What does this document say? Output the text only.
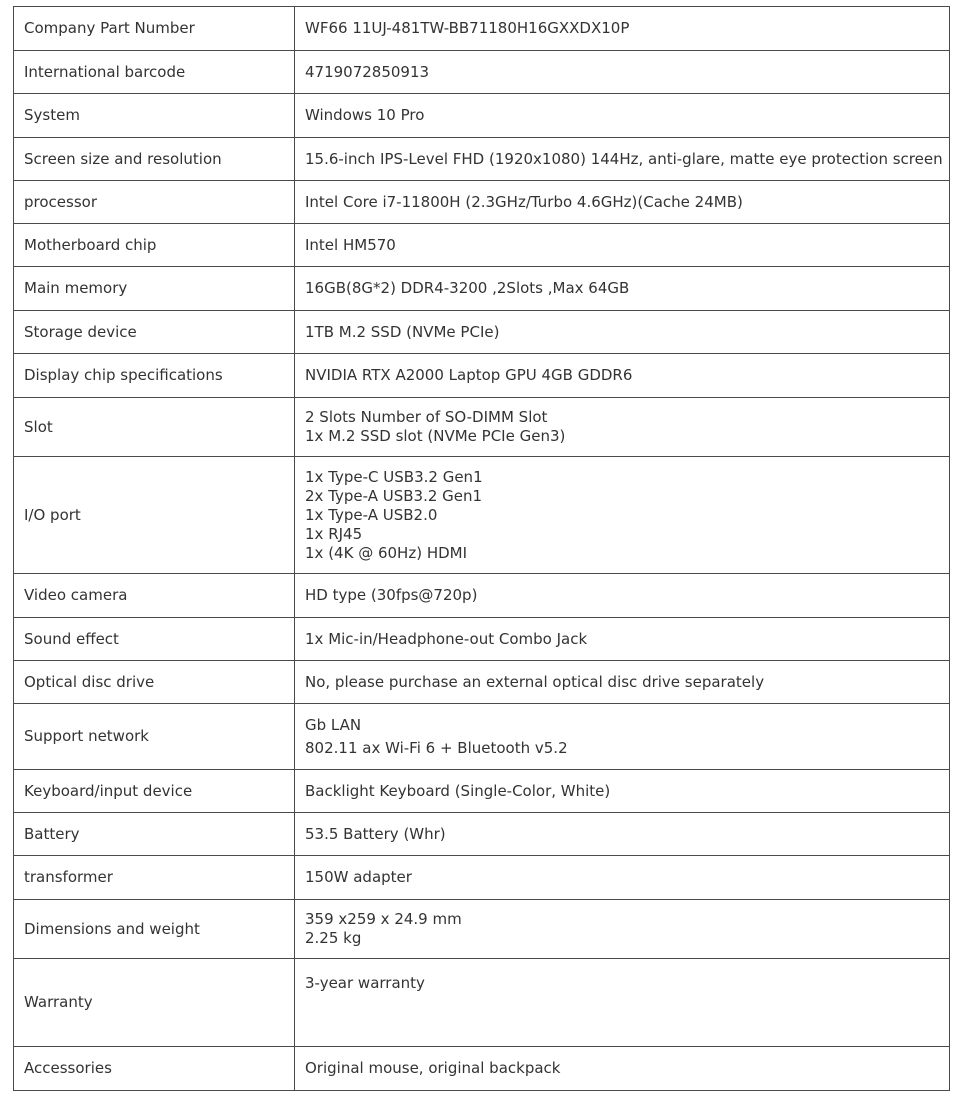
Company Part Number	WF66 11UJ-481TW-BB71180H16GXXDX10P

International barcode	4719072850913

System	Windows 10 Pro

Screen size and resolution	15.6-inch IPS-Level FHD (1920x1080) 144Hz, anti-glare, matte eye protection screen

processor	Intel Core i7-11800H (2.3GHz/Turbo 4.6GHz)(Cache 24MB)

Motherboard chip	Intel HM570

Main memory	16GB(8G*2) DDR4-3200 ,2Slots ,Max 64GB

Storage device	1TB M.2 SSD (NVMe PCIe)

Display chip specifications	NVIDIA RTX A2000 Laptop GPU 4GB GDDR6

Slot	2 Slots Number of SO-DIMM Slot
1x M.2 SSD slot (NVMe PCIe Gen3)

I/O port	1x Type-C USB3.2 Gen1
2x Type-A USB3.2 Gen1
1x Type-A USB2.0
1x RJ45
1x (4K @ 60Hz) HDMI

Video camera	HD type (30fps@720p)

Sound effect	1x Mic-in/Headphone-out Combo Jack

Optical disc drive	No, please purchase an external optical disc drive separately

Support network	Gb LAN
802.11 ax Wi-Fi 6 + Bluetooth v5.2

Keyboard/input device	Backlight Keyboard (Single-Color, White)

Battery	53.5 Battery (Whr)

transformer	150W adapter

Dimensions and weight	359 x259 x 24.9 mm
2.25 kg

Warranty	3-year warranty

Accessories	Original mouse, original backpack
